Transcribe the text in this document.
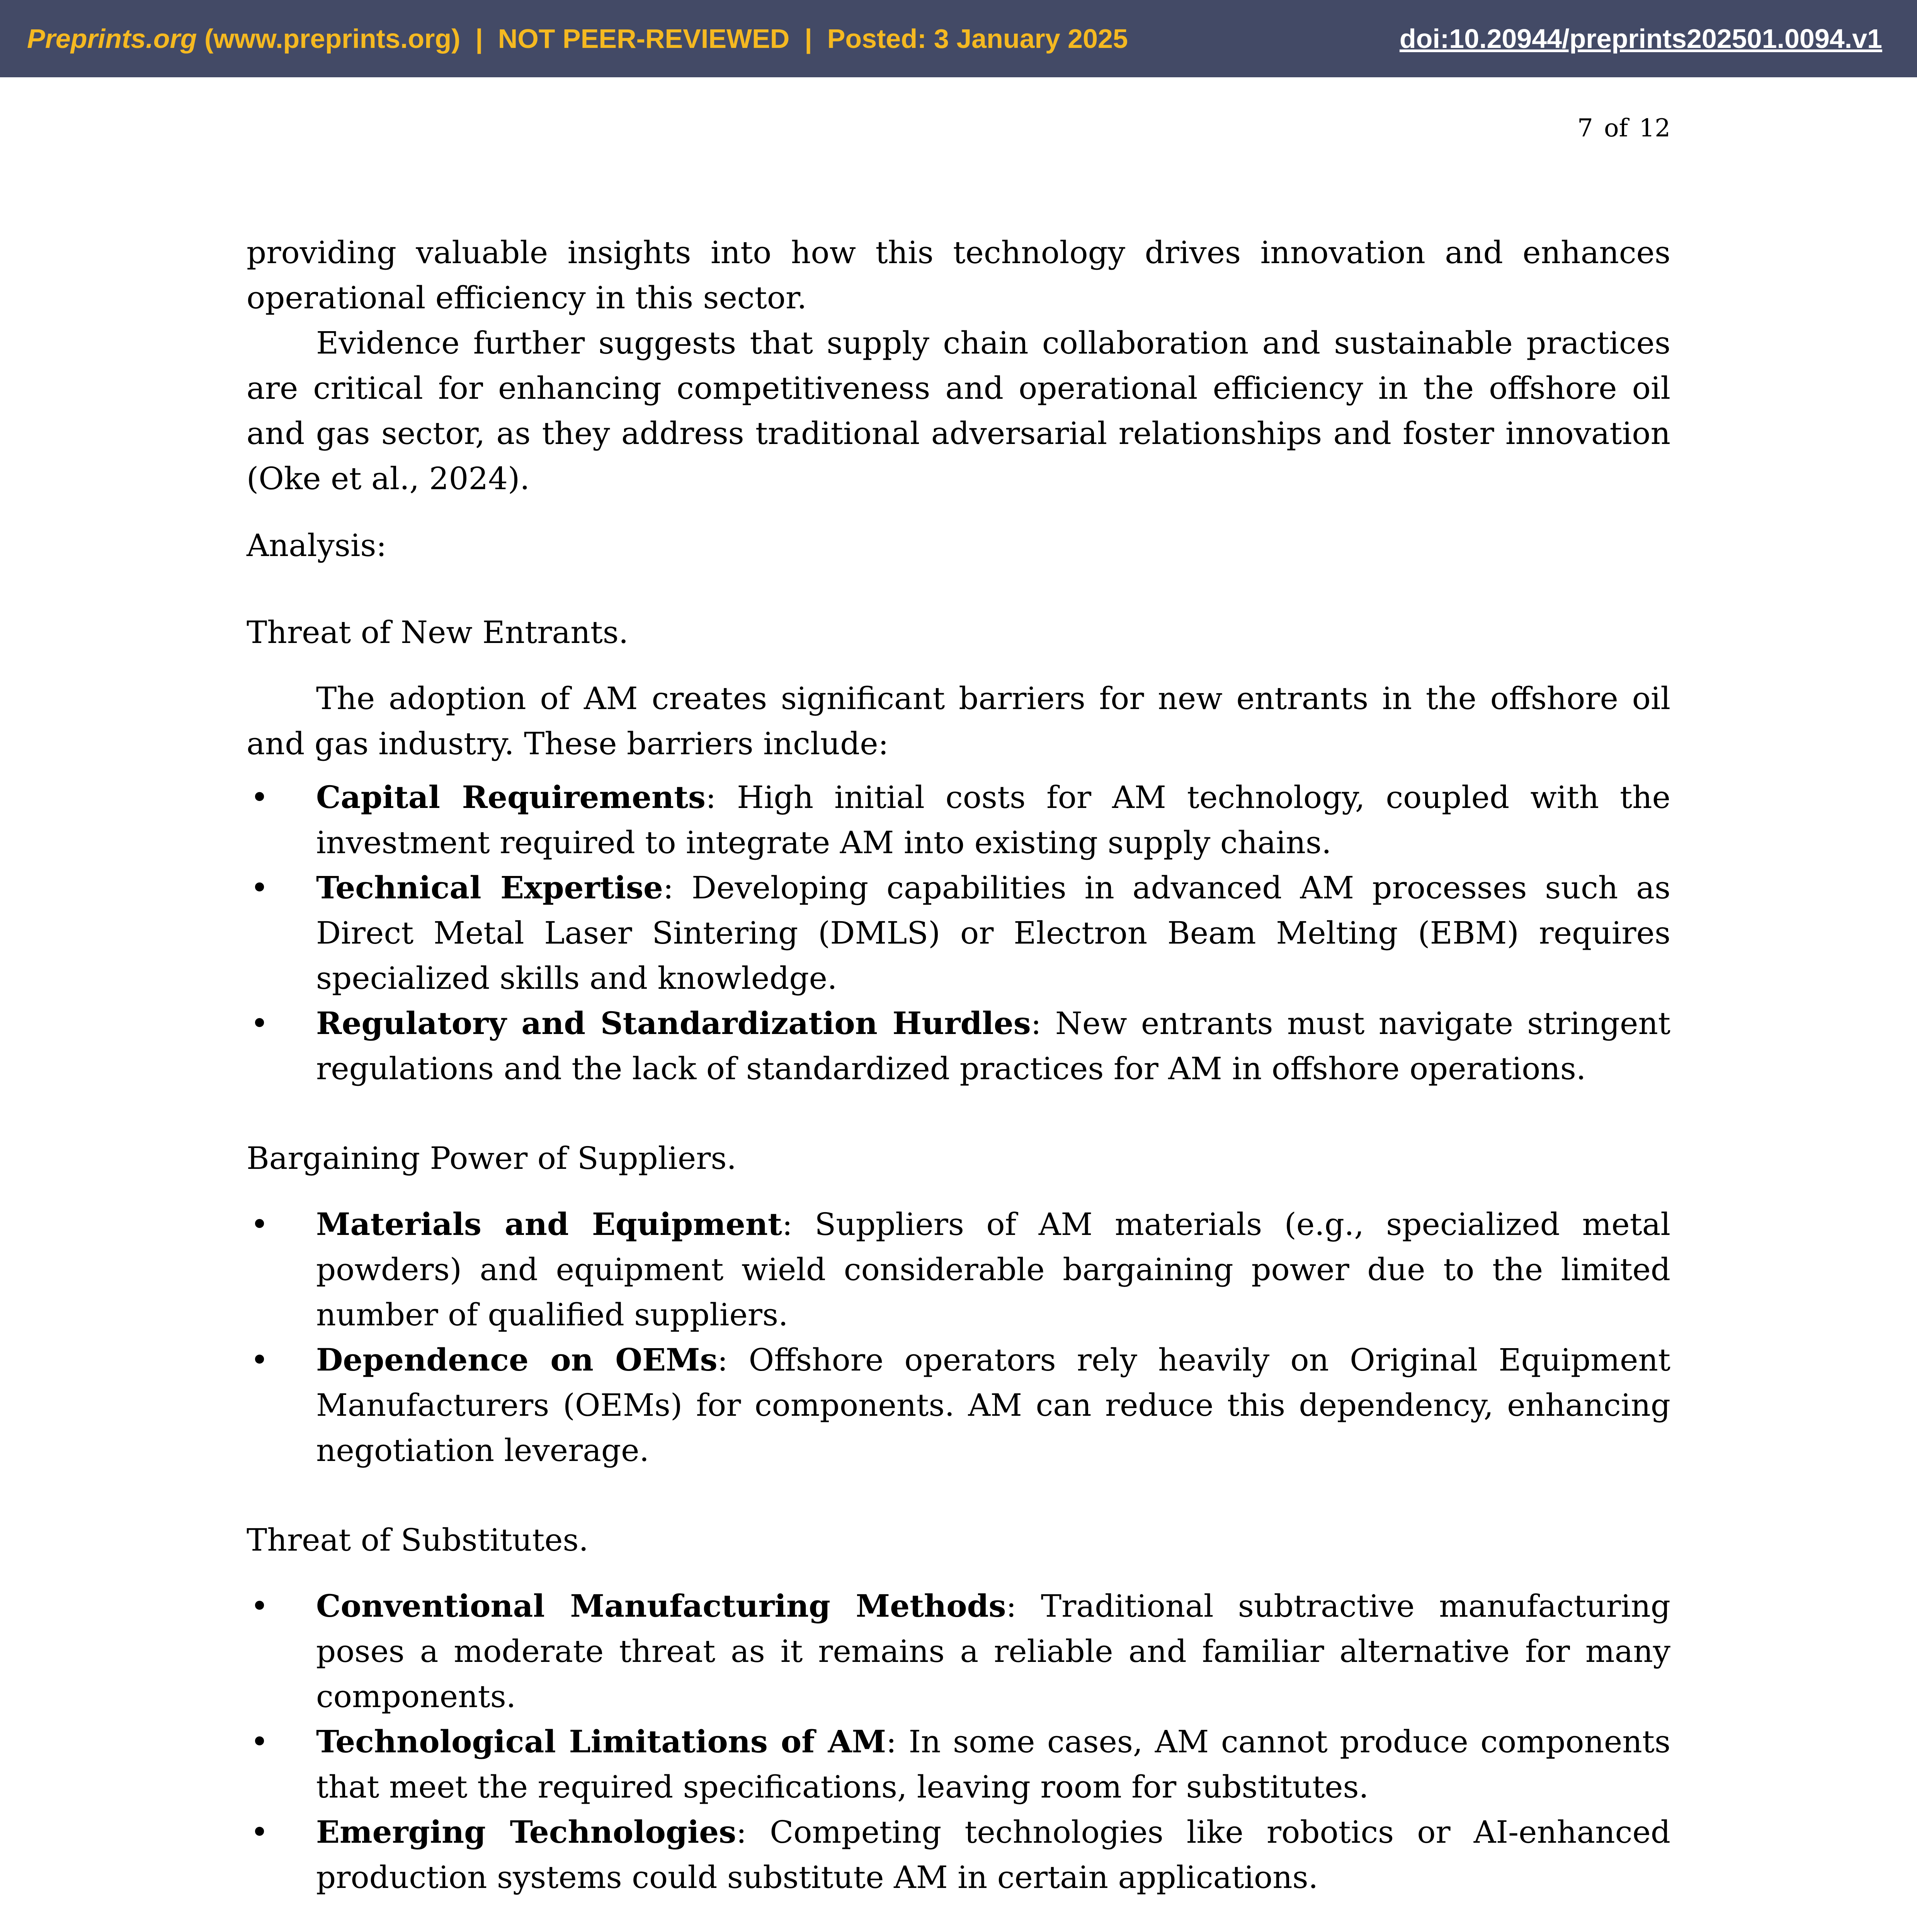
Preprints.org (www.preprints.org) | NOT PEER-REVIEWED | Posted: 3 January 2025	doi:10.20944/preprints202501.0094.v1
7 of 12

providing valuable insights into how this technology drives innovation and enhances operational efficiency in this sector.

Evidence further suggests that supply chain collaboration and sustainable practices are critical for enhancing competitiveness and operational efficiency in the offshore oil and gas sector, as they address traditional adversarial relationships and foster innovation (Oke et al., 2024).

Analysis:

Threat of New Entrants.

The adoption of AM creates significant barriers for new entrants in the offshore oil and gas industry. These barriers include:

• Capital Requirements: High initial costs for AM technology, coupled with the investment required to integrate AM into existing supply chains.
• Technical Expertise: Developing capabilities in advanced AM processes such as Direct Metal Laser Sintering (DMLS) or Electron Beam Melting (EBM) requires specialized skills and knowledge.
• Regulatory and Standardization Hurdles: New entrants must navigate stringent regulations and the lack of standardized practices for AM in offshore operations.

Bargaining Power of Suppliers.

• Materials and Equipment: Suppliers of AM materials (e.g., specialized metal powders) and equipment wield considerable bargaining power due to the limited number of qualified suppliers.
• Dependence on OEMs: Offshore operators rely heavily on Original Equipment Manufacturers (OEMs) for components. AM can reduce this dependency, enhancing negotiation leverage.

Threat of Substitutes.

• Conventional Manufacturing Methods: Traditional subtractive manufacturing poses a moderate threat as it remains a reliable and familiar alternative for many components.
• Technological Limitations of AM: In some cases, AM cannot produce components that meet the required specifications, leaving room for substitutes.
• Emerging Technologies: Competing technologies like robotics or AI-enhanced production systems could substitute AM in certain applications.
